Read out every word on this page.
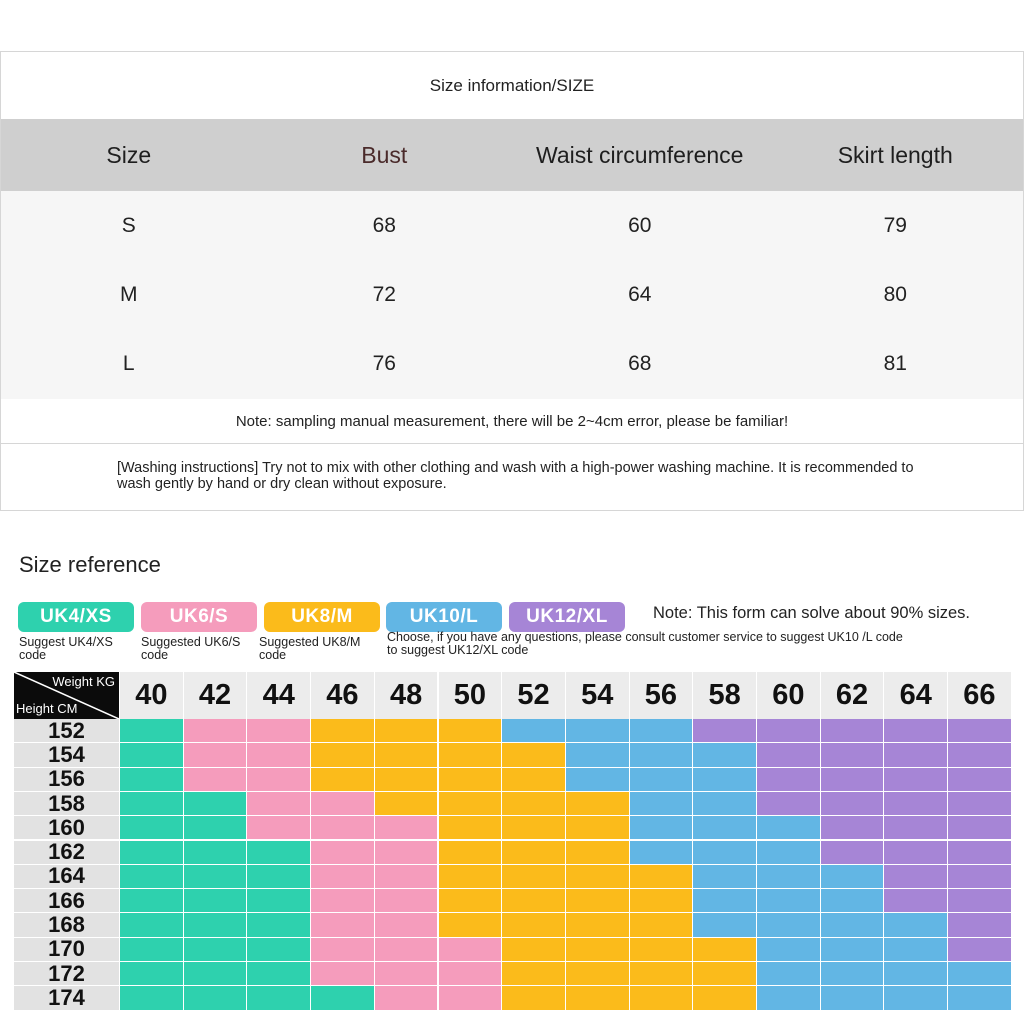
Size information/SIZE
Size	Bust	Waist circumference	Skirt length
S	68	60	79
M	72	64	80
L	76	68	81
Note: sampling manual measurement, there will be 2~4cm error, please be familiar!
[Washing instructions] Try not to mix with other clothing and wash with a high-power washing machine. It is recommended to wash gently by hand or dry clean without exposure.
Size reference
UK4/XS	UK6/S	UK8/M	UK10/L	UK12/XL
Suggest UK4/XS code
Suggested UK6/S code
Suggested UK8/M code
Note: This form can solve about 90% sizes.
Choose, if you have any questions, please consult customer service to suggest UK10 /L code to suggest UK12/XL code
Weight KG
Height CM	40	42	44	46	48	50	52	54	56	58	60	62	64	66
152
154
156
158
160
162
164
166
168
170
172
174
